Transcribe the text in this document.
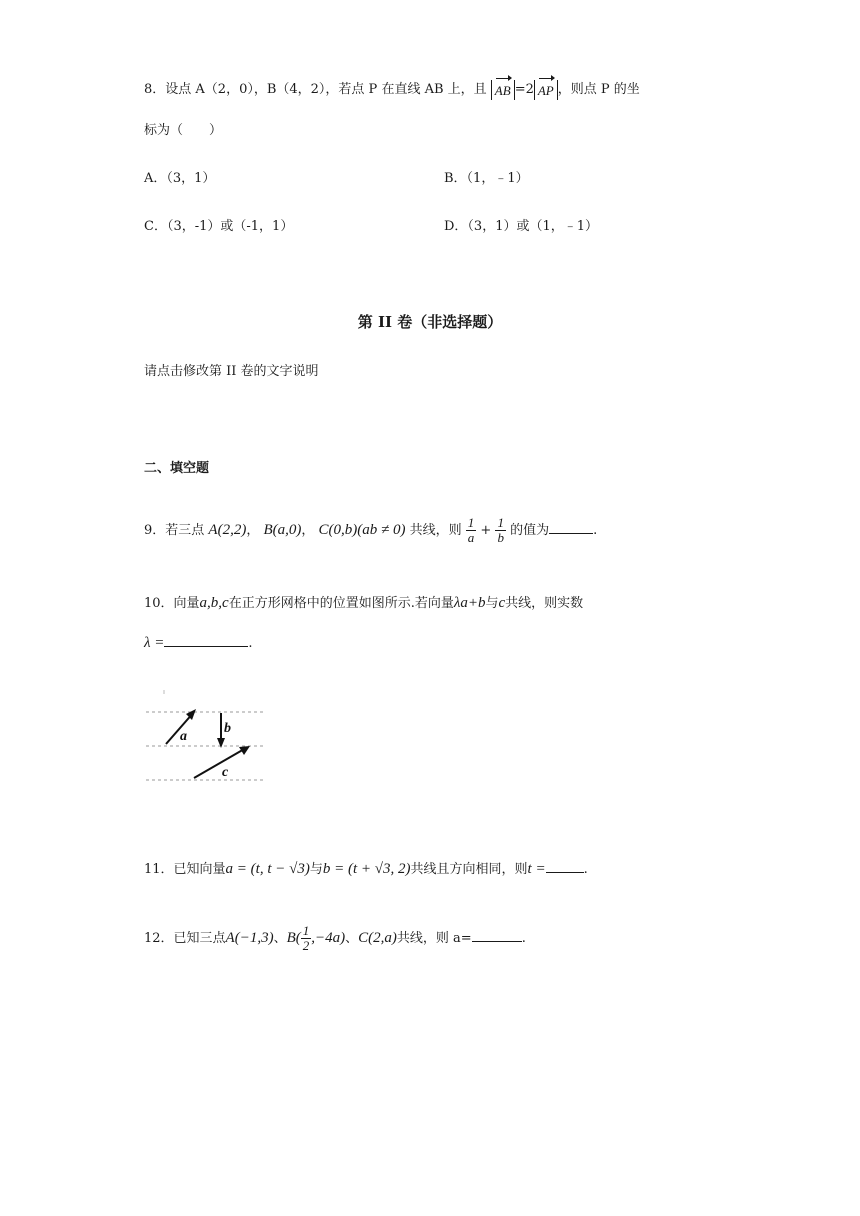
8．设点 A（2，0），B（4，2），若点 P 在直线 AB 上，且 AB =2 AP ，则点 P 的坐
标为（　　）
A．（3，1）	B．（1，﹣1）
C．（3，-1）或（-1，1）	D．（3，1）或（1，﹣1）
第 II 卷（非选择题）
请点击修改第 II 卷的文字说明
二、填空题
9．若三点 A(2,2)， B(a,0)， C(0,b)(ab ≠ 0) 共线，则 $\frac{1}{a} + \frac{1}{b}$ 的值为	.
10．向量a,b,c在正方形网格中的位置如图所示.若向量λa+b与c共线，则实数
λ =	.
a
b
c
11．已知向量a = (t, t − √3)与b = (t + √3, 2)共线且方向相同，则t =	.
12．已知三点A(−1,3)、$B( \frac{1}{2} ,-4a)$、C(2,a)共线，则 a=	.
